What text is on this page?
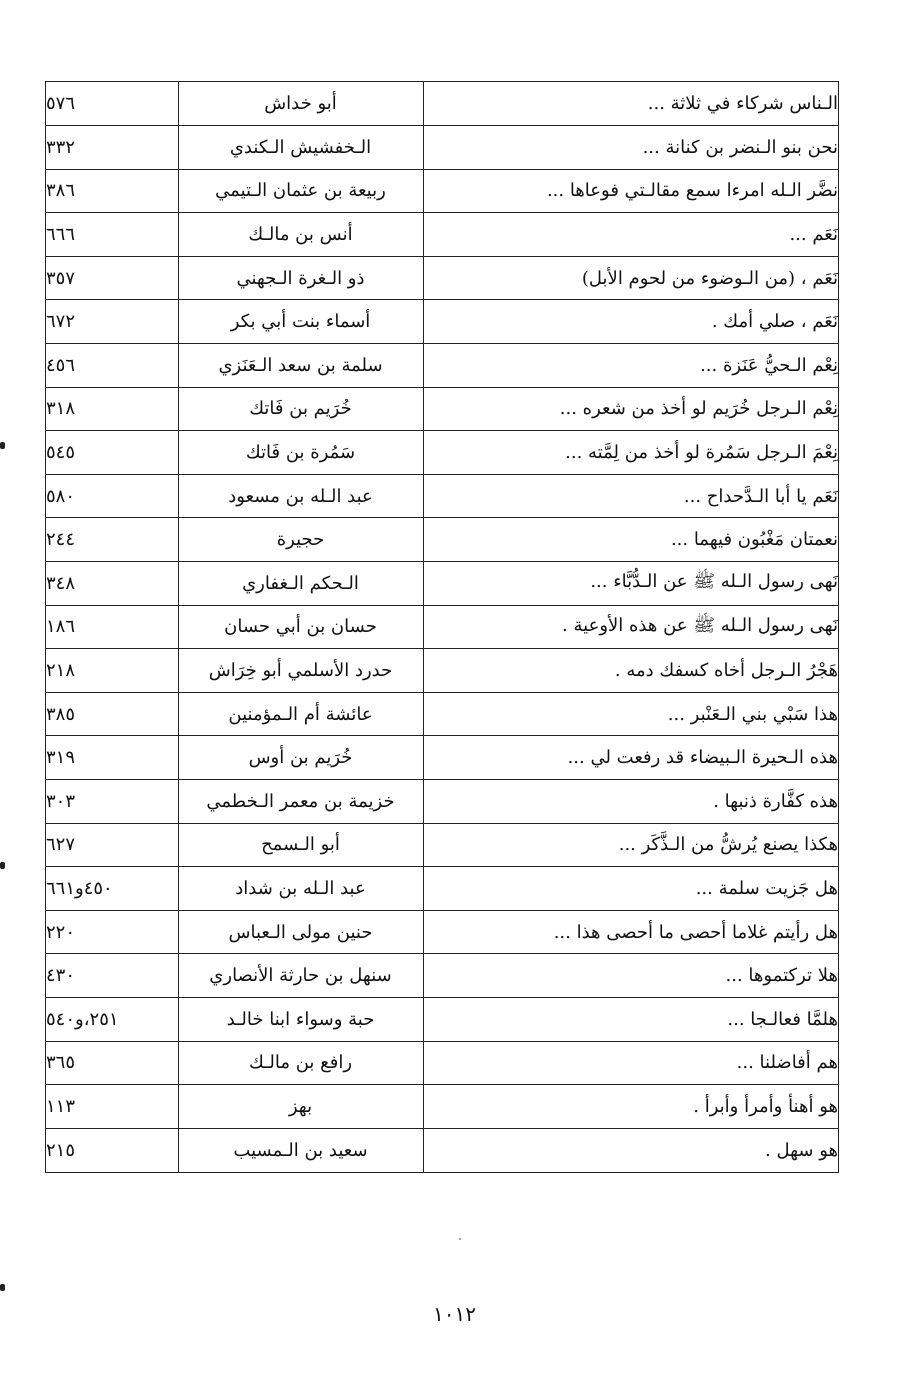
٥٧٦	أبو خداش	الـناس شركاء في ثلاثة ...
٣٣٢	الـخفشيش الـكندي	نحن بنو الـنضر بن كنانة ...
٣٨٦	ربيعة بن عثمان الـتيمي	نضَّر الـله امرءا سمع مقالـتي فوعاها ...
٦٦٦	أنس بن مالـك	نَعَم ...
٣٥٧	ذو الـغرة الـجهني	نَعَم ، (من الـوضوء من لحوم الأبل)
٦٧٢	أسماء بنت أبي بكر	نَعَم ، صلي أمك .
٤٥٦	سلمة بن سعد الـعَنَزي	نِعْم الـحيُّ عَنَزة ...
٣١٨	خُرَيم بن فَاتك	نِعْم الـرجل خُرَيم لو أخذ من شعره ...
٥٤٥	سَمُرة بن فَاتك	نِعْمَ الـرجل سَمُرة لو أخذ من لِمَّته ...
٥٨٠	عبد الـله بن مسعود	نَعَم يا أبا الـدَّحداح ...
٢٤٤	حجيرة	نعمتان مَغْبُون فيهما ...
٣٤٨	الـحكم الـغفاري	نَهى رسول الـله ﷺ عن الـدُّبَّاء ...
١٨٦	حسان بن أبي حسان	نَهى رسول الـله ﷺ عن هذه الأوعية .
٢١٨	حدرد الأسلمي أبو خِرَاش	هَجْرُ الـرجل أخاه كسفك دمه .
٣٨٥	عائشة أم الـمؤمنين	هذا سَبْي بني الـعَنْبر ...
٣١٩	خُرَيم بن أوس	هذه الـحيرة الـبيضاء قد رفعت لي ...
٣٠٣	خزيمة بن معمر الـخطمي	هذه كفَّارة ذنبها .
٦٢٧	أبو الـسمح	هكذا يصنع يُرشُّ من الـذَّكَر ...
٤٥٠و٦٦١	عبد الـله بن شداد	هل جَزيت سلمة ...
٢٢٠	حنين مولى الـعباس	هل رأيتم غلاما أحصى ما أحصى هذا ...
٤٣٠	سنهل بن حارثة الأنصاري	هلا تركتموها ...
٢٥١،و٥٤٠	حبة وسواء ابنا خالـد	هلمَّا فعالـجا ...
٣٦٥	رافع بن مالـك	هم أفاضلنا ...
١١٣	بهز	هو أهنأ وأمرأ وأبرأ .
٢١٥	سعيد بن الـمسيب	هو سهل .
١٠١٢
